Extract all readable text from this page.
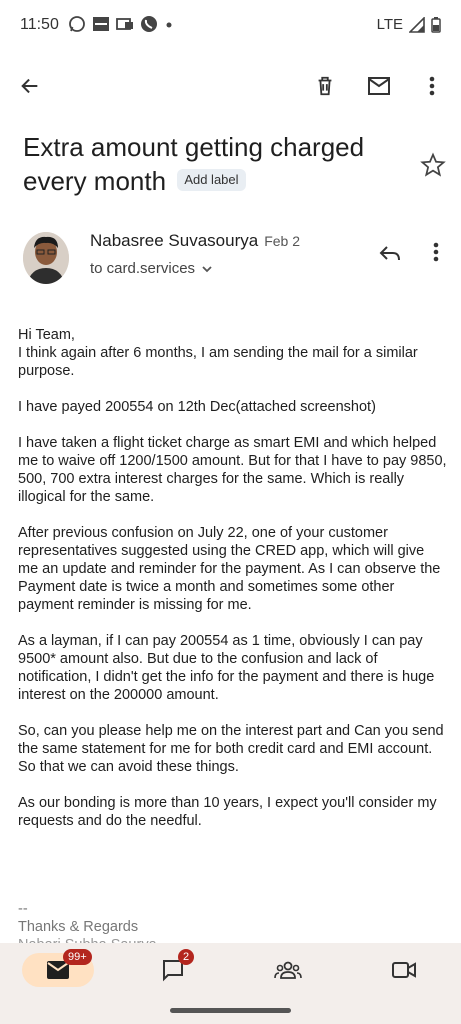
11:50	LTE
Extra amount getting charged every month Add label
Nabasree Suvasourya Feb 2
to card.services

Hi Team,
I think again after 6 months, I am sending the mail for a similar purpose.

I have payed 200554 on 12th Dec(attached screenshot)

I have taken a flight ticket charge as smart EMI and which helped me to waive off 1200/1500 amount. But for that I have to pay 9850, 500, 700 extra interest charges for the same. Which is really illogical for the same.

After previous confusion on July 22, one of your customer representatives suggested using the CRED app, which will give me an update and reminder for the payment. As I can observe the Payment date is twice a month and sometimes some other payment reminder is missing for me.

As a layman, if I can pay 200554 as 1 time, obviously I can pay 9500* amount also. But due to the confusion and lack of notification, I didn't get the info for the payment and there is huge interest on the 200000 amount.

So, can you please help me on the interest part and Can you send the same statement for me for both credit card and EMI account. So that we can avoid these things.

As our bonding is more than 10 years, I expect you'll consider my requests and do the needful.

--
Thanks & Regards
99+	2
